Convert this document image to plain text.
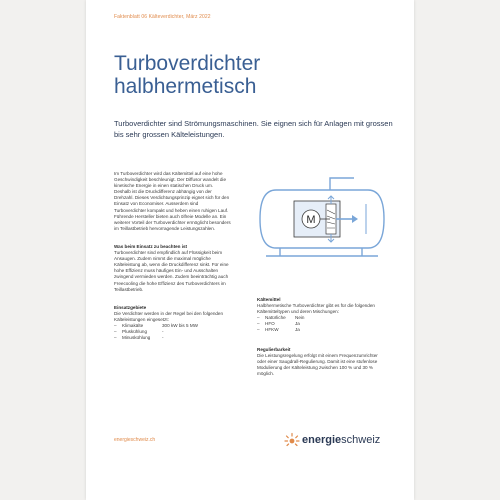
Faktenblatt 06 Kälteverdichter, März 2022
Turboverdichter
halbhermetisch
Turboverdichter sind Strömungsmaschinen. Sie eignen sich für Anlagen mit grossen bis sehr grossen Kälteleistungen.

Im Turboverdichter wird das Kältemittel auf eine hohe Geschwindigkeit beschleunigt. Der Diffusor wandelt die kinetische Energie in einen statischen Druck um. Deshalb ist die Druckdifferenz abhängig von der Drehzahl. Dieses Verdichtungsprinzip eignet sich für den Einsatz von Economiser. Ausserdem sind Turboverdichter kompakt und heben einen ruhigen Lauf. Führende Hersteller bieten auch ölfreie Modelle an. Ein weiterer Vorteil der Turboverdichter ermöglicht besonders im Teillastbetrieb hervorragende Leistungszahlen.

Was beim Einsatz zu beachten ist

Turboverdichter sind empfindlich auf Flüssigkeit beim Ansaugen. Zudem nimmt die maximal mögliche Kälteleistung ab, wenn die Druckdifferenz sinkt. Für eine hohe Effizienz muss häufiges Ein- und Ausschalten zwingend vermieden werden. Zudem beeinträchtig auch Freecooling die hohe Effizienz des Turboverdichters im Teillastbetrieb.

Einsatzgebiete

Die Verdichter werden in der Regel bei den folgenden Kälteleistungen eingesetzt:

–	Klimakälte	300 kW bis 5 MW
–	Pluskühlung	-
–	Minuskühlung	-
M

Kältemittel

Halbhermetische Turboverdichter gibt es für die folgenden Kältemitteltypen und deren Mischungen:

–	Natürliche	Nein
–	HFO	Ja
–	HFKW	Ja

Regulierbarkeit

Die Leistungsregelung erfolgt mit einem Frequenzumrichter oder einer Saugdrall-Regulierung. Damit ist eine stufenlose Modulierung der Kälteleistung zwischen 100 % und 30 % möglich.

energieschweiz.ch	energieschweiz
